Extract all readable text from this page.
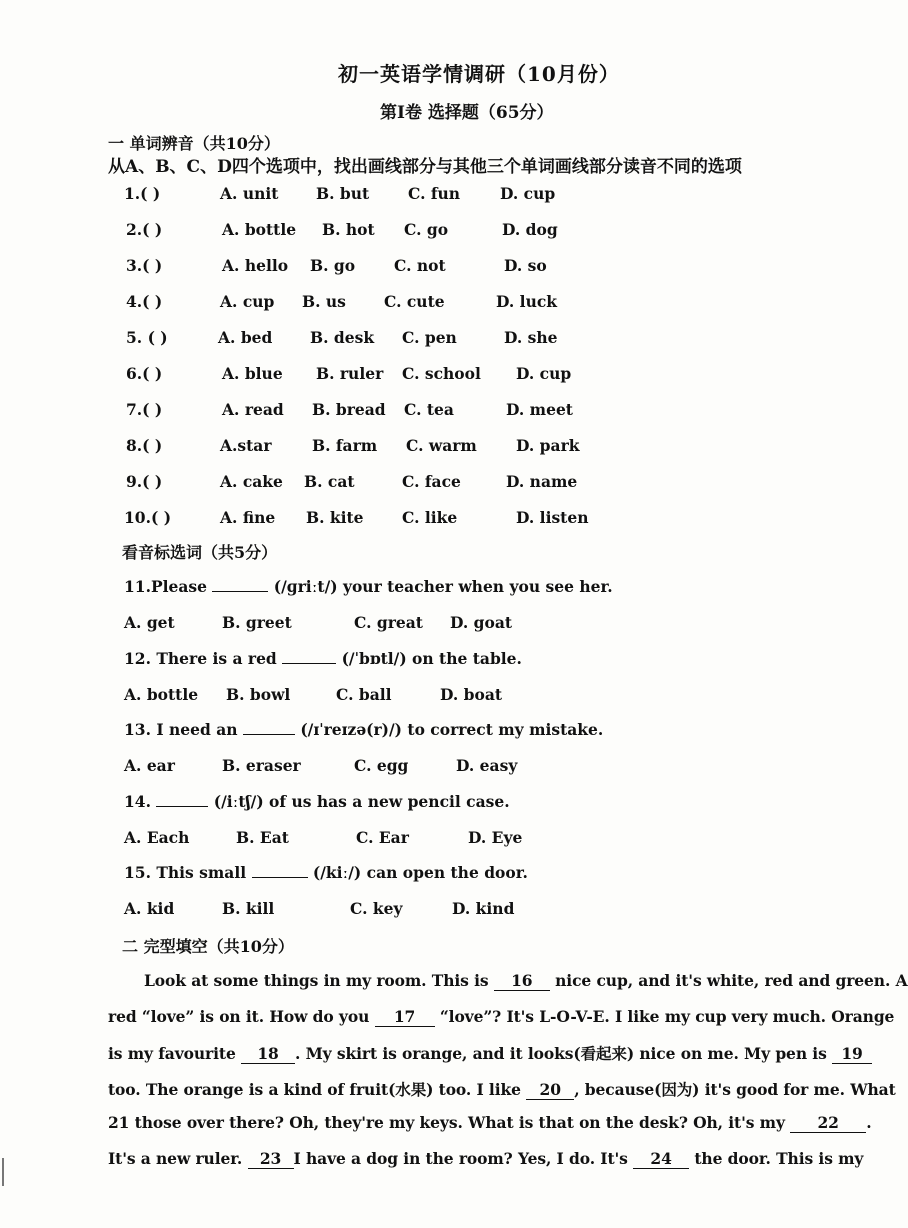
初一英语学情调研（10月份）
第Ⅰ卷 选择题（65分）
一 单词辨音（共10分）
从A、B、C、D四个选项中，找出画线部分与其他三个单词画线部分读音不同的选项
1.( )	A. unit B. but	C. fun	D. cup
2.( )	A. bottle B. hot C. go	D. dog
3.( )	A. hello B. go	C. not	D. so
4.( )	A. cup B. us C. cute	D. luck
5. ( )	A. bed B. desk C. pen	D. she
6.( )	A. blue B. ruler C. school D. cup
7.( )	A. read B. bread C. tea	D. meet
8.( )	A.star	B. farm C. warm	D. park
9.( )	A. cake B. cat	C. face	D. name
10.( )	A. fine B. kite C. like	D. listen
看音标选词（共5分）
11.Please	(/ɡriːt/) your teacher when you see her.
A. get	B. greet	C. great D. goat
12. There is a red	(/ˈbɒtl/) on the table.
A. bottle B. bowl	C. ball	D. boat
13. I need an	(/ɪˈreɪzə(r)/) to correct my mistake.
A. ear	B. eraser	C. egg	D. easy
14.	(/iːtʃ/) of us has a new pencil case.
A. Each	B. Eat	C. Ear	D. Eye
15. This small	(/kiː/) can open the door.
A. kid	B. kill	C. key	D. kind
二 完型填空（共10分）
Look at some things in my room. This is 16 nice cup, and it's white, red and green. A
red “love” is on it. How do you 17 “love”? It's L-O-V-E. I like my cup very much. Orange
is my favourite 18 . My skirt is orange, and it looks(看起来) nice on me. My pen is 19
too. The orange is a kind of fruit(水果) too. I like 20 , because(因为) it's good for me. What
21 those over there? Oh, they're my keys. What is that on the desk? Oh, it's my 22 .
It's a new ruler. 23 I have a dog in the room? Yes, I do. It's 24 the door. This is my
